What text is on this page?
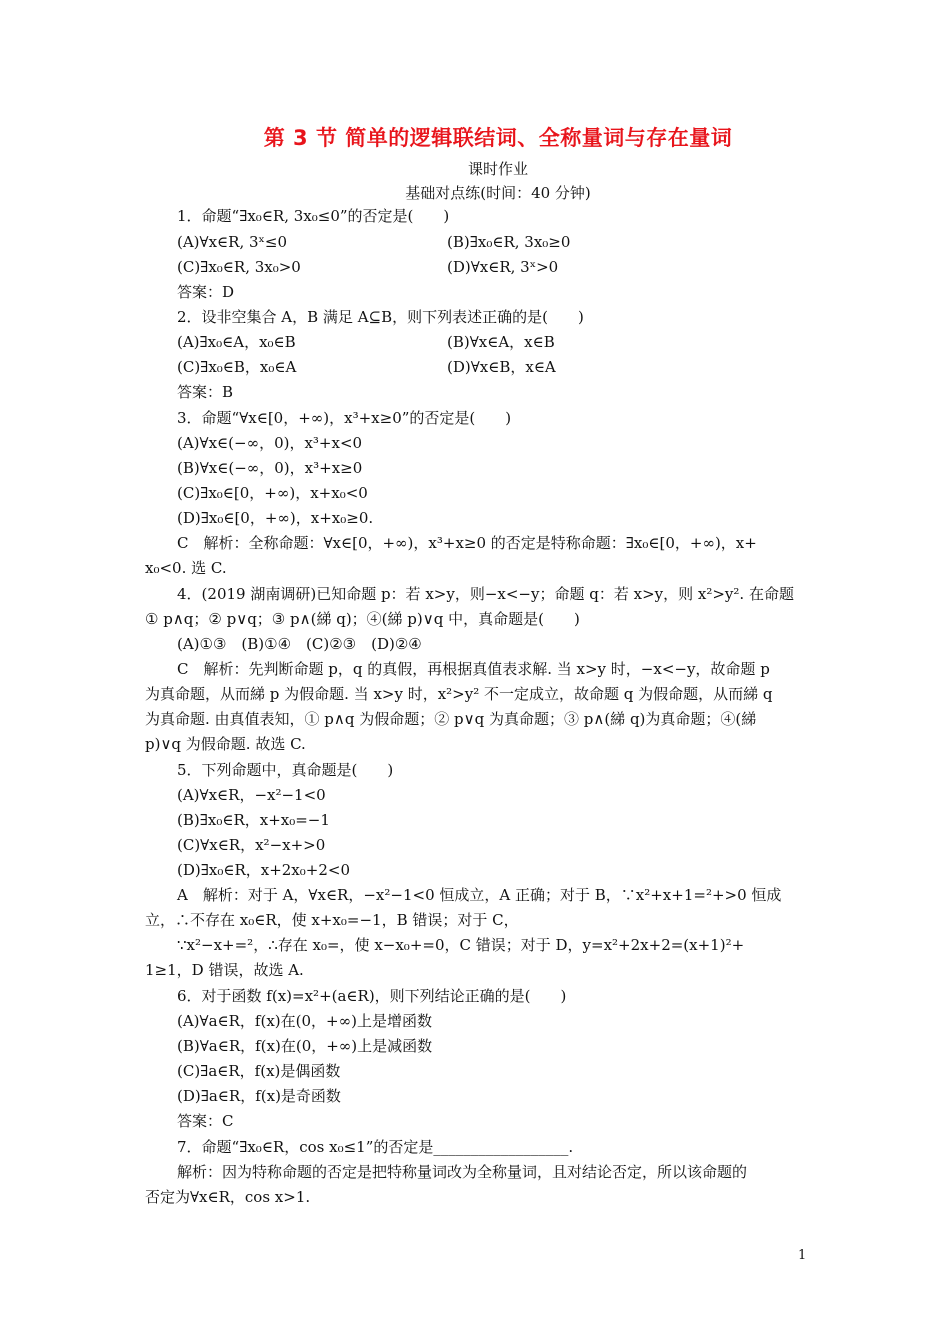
第 3 节 简单的逻辑联结词、全称量词与存在量词
课时作业
基础对点练(时间：40 分钟)
1．命题“∃x₀∈R, 3x₀≤0”的否定是(　　)
(A)∀x∈R, 3ˣ≤0	(B)∃x₀∈R, 3x₀≥0
(C)∃x₀∈R, 3x₀>0	(D)∀x∈R, 3ˣ>0
答案：D
2．设非空集合 A，B 满足 A⊆B，则下列表述正确的是(　　)
(A)∃x₀∈A，x₀∈B	(B)∀x∈A，x∈B
(C)∃x₀∈B，x₀∈A	(D)∀x∈B，x∈A
答案：B
3．命题“∀x∈[0，+∞)，x³+x≥0”的否定是(　　)
(A)∀x∈(−∞，0)，x³+x<0
(B)∀x∈(−∞，0)，x³+x≥0
(C)∃x₀∈[0，+∞)，x+x₀<0
(D)∃x₀∈[0，+∞)，x+x₀≥0.
C　解析：全称命题：∀x∈[0，+∞)，x³+x≥0 的否定是特称命题：∃x₀∈[0，+∞)，x+
x₀<0. 选 C.
4．(2019 湖南调研)已知命题 p：若 x>y，则−x<−y；命题 q：若 x>y，则 x²>y². 在命题
① p∧q；② p∨q；③ p∧(綈 q)；④(綈 p)∨q 中，真命题是(　　)
(A)①③　(B)①④　(C)②③　(D)②④
C　解析：先判断命题 p，q 的真假，再根据真值表求解. 当 x>y 时，−x<−y，故命题 p
为真命题，从而綈 p 为假命题. 当 x>y 时，x²>y² 不一定成立，故命题 q 为假命题，从而綈 q
为真命题. 由真值表知，① p∧q 为假命题；② p∨q 为真命题；③ p∧(綈 q)为真命题；④(綈
p)∨q 为假命题. 故选 C.
5．下列命题中，真命题是(　　)
(A)∀x∈R，−x²−1<0
(B)∃x₀∈R，x+x₀=−1
(C)∀x∈R，x²−x+>0
(D)∃x₀∈R，x+2x₀+2<0
A　解析：对于 A，∀x∈R，−x²−1<0 恒成立，A 正确；对于 B，∵x²+x+1=²+>0 恒成
立，∴不存在 x₀∈R，使 x+x₀=−1，B 错误；对于 C，
∵x²−x+=²，∴存在 x₀=，使 x−x₀+=0，C 错误；对于 D，y=x²+2x+2=(x+1)²+
1≥1，D 错误，故选 A.
6．对于函数 f(x)=x²+(a∈R)，则下列结论正确的是(　　)
(A)∀a∈R，f(x)在(0，+∞)上是增函数
(B)∀a∈R，f(x)在(0，+∞)上是减函数
(C)∃a∈R，f(x)是偶函数
(D)∃a∈R，f(x)是奇函数
答案：C
7．命题“∃x₀∈R，cos x₀≤1”的否定是__________________.
解析：因为特称命题的否定是把特称量词改为全称量词，且对结论否定，所以该命题的
否定为∀x∈R，cos x>1.
1
